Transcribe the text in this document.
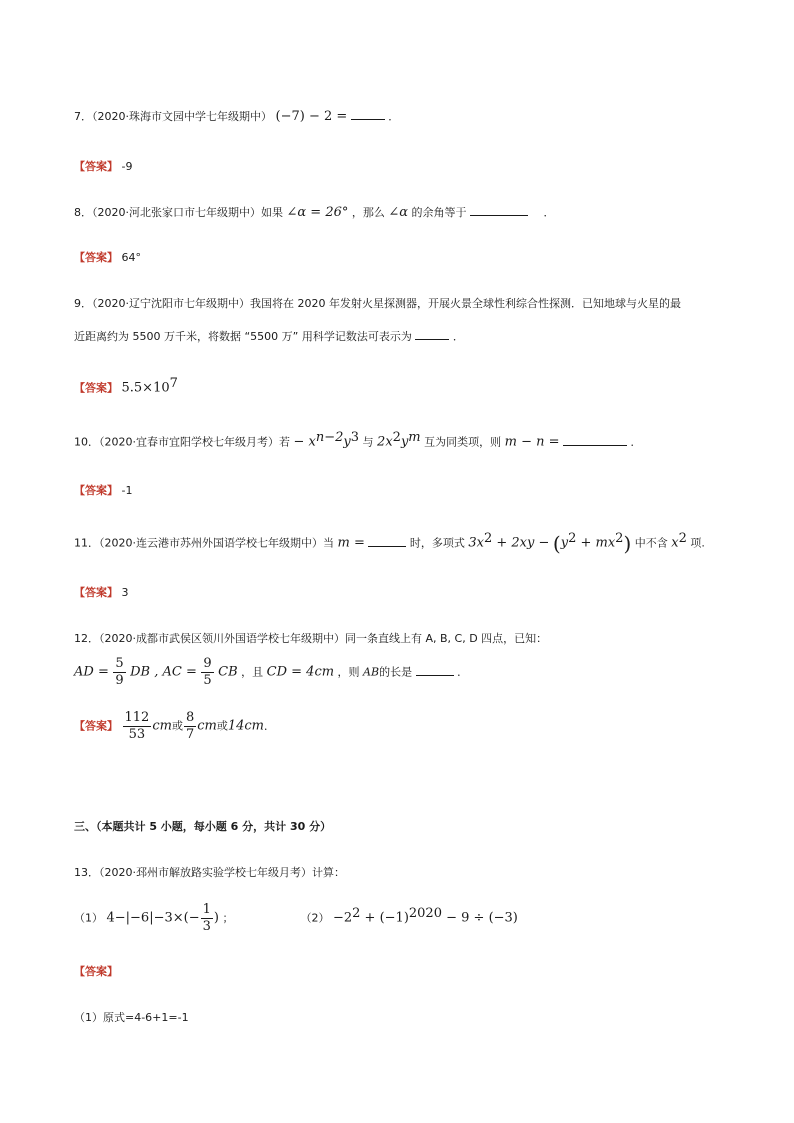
7．（2020·珠海市文园中学七年级期中） (−7) − 2 =	．
【答案】 -9
8．（2020·河北张家口市七年级期中）如果 ∠α = 26° ，那么 ∠α 的余角等于	．
【答案】 64°
9．（2020·辽宁沈阳市七年级期中）我国将在 2020 年发射火星探测器，开展火景全球性利综合性探测．已知地球与火星的最
近距离约为 5500 万千米，将数据 “5500 万” 用科学记数法可表示为	．
【答案】 $5.5\times 10^7$
10．（2020·宜春市宜阳学校七年级月考）若 − $x^{n-2}y^3$ 与 $2x^2y^m$ 互为同类项，则 m − n =	．
【答案】 -1
11．（2020·连云港市苏州外国语学校七年级期中）当 m =	时，多项式 $3x^2 + 2xy - (y^2 + mx^2)$ 中不含 $x^2$ 项.
【答案】 3
12．（2020·成都市武侯区领川外国语学校七年级期中）同一条直线上有 A, B, C, D 四点，已知：
AD = $\frac{5}{9}$ DB , AC = $\frac{9}{5}$ CB ，且 CD = 4cm ，则 AB的长是	．
【答案】 $\frac{112}{53}$ cm或 $\frac{8}{7}$ cm或14cm．
三、（本题共计 5 小题，每小题 6 分，共计 30 分）
13．（2020·邳州市解放路实验学校七年级月考）计算：
（1） $4-|-6|-3\times(- \frac{1}{3}$ ) ；	$(2) -2^2 + (-1)^{2020} - 9 \div (-3)$
【答案】
（1）原式=4-6+1=-1
